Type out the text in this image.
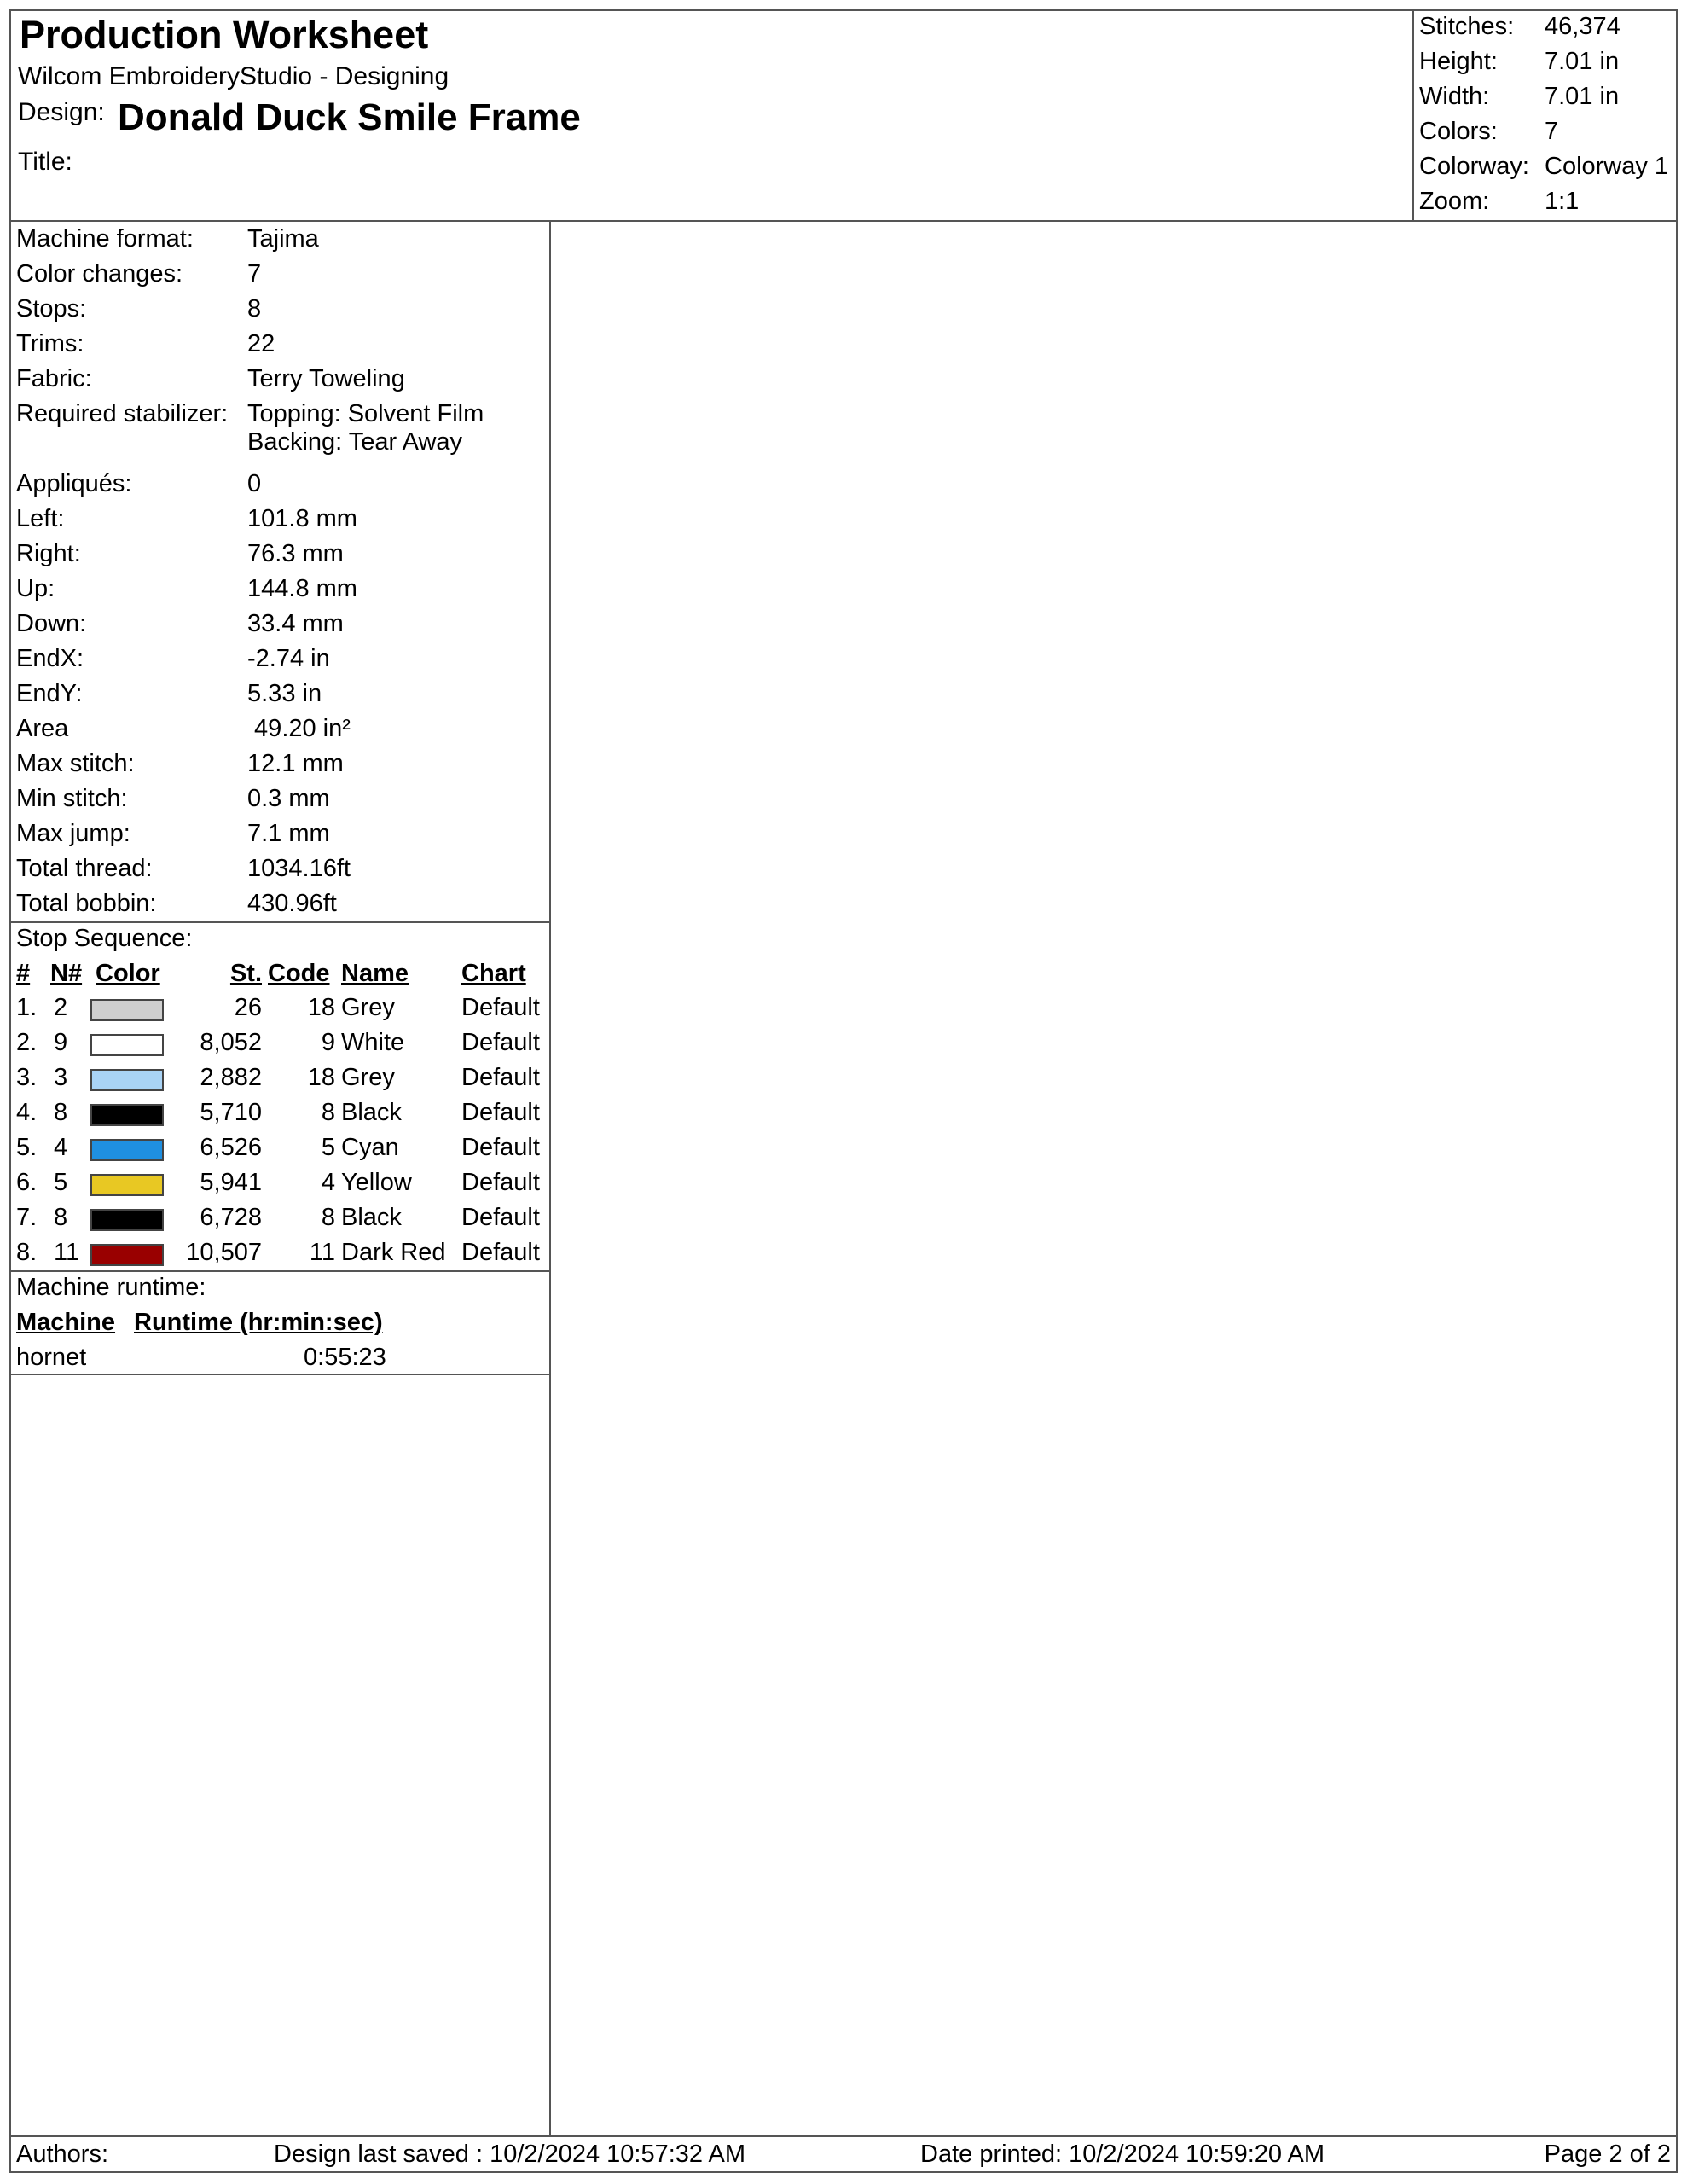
Production Worksheet
Wilcom EmbroideryStudio - Designing
Design: Donald Duck Smile Frame
Title:
Stitches: 46,374
Height: 7.01 in
Width: 7.01 in
Colors: 7
Colorway: Colorway 1
Zoom: 1:1
Machine format: Tajima
Color changes:	7
Stops:	8
Trims:	22
Fabric:	Terry Toweling
Required stabilizer: Topping: Solvent Film
Backing: Tear Away
Appliqués:	0
Left:	101.8 mm
Right:	76.3 mm
Up:	144.8 mm
Down:	33.4 mm
EndX:	-2.74 in
EndY:	5.33 in
Area	49.20 in²
Max stitch:	12.1 mm
Min stitch:	0.3 mm
Max jump:	7.1 mm
Total thread:	1034.16ft
Total bobbin:	430.96ft
Stop Sequence:
# N# Color	St. Code Name Chart
1. 2	26	18 Grey	Default
2. 9	8,052	9 White Default
3. 3	2,882	18 Grey	Default
4. 8	5,710	8 Black Default
5. 4	6,526	5 Cyan	Default
6. 5	5,941	4 Yellow Default
7. 8	6,728	8 Black Default
8. 11	10,507	11 Dark Red Default
Machine runtime:
Machine Runtime (hr:min:sec)
hornet	0:55:23
Authors:	Design last saved : 10/2/2024 10:57:32 AM	Date printed: 10/2/2024 10:59:20 AM	Page 2 of 2
